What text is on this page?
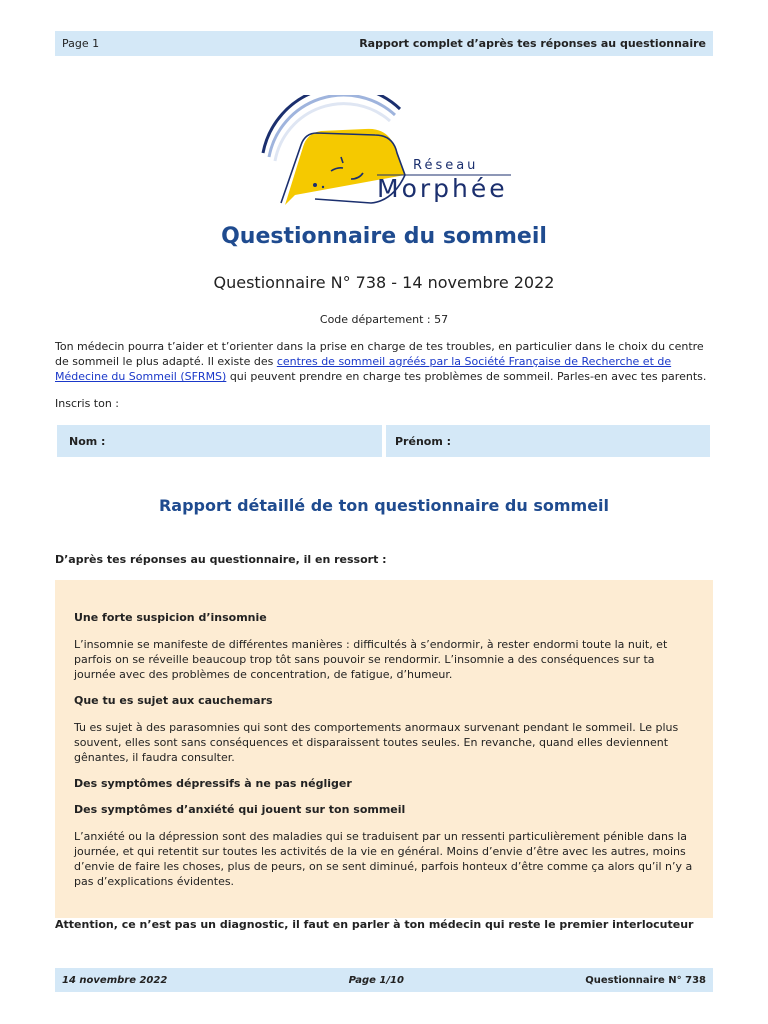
Page 1	Rapport complet d’après tes réponses au questionnaire
Réseau
Morphée
Questionnaire du sommeil
Questionnaire N° 738 - 14 novembre 2022
Code département : 57
Ton médecin pourra t’aider et t’orienter dans la prise en charge de tes troubles, en particulier dans le choix du centre de sommeil le plus adapté. Il existe des centres de sommeil agréés par la Société Française de Recherche et de Médecine du Sommeil (SFRMS) qui peuvent prendre en charge tes problèmes de sommeil. Parles-en avec tes parents.
Inscris ton :
Nom :	Prénom :
Rapport détaillé de ton questionnaire du sommeil
D’après tes réponses au questionnaire, il en ressort :
Une forte suspicion d’insomnie
L’insomnie se manifeste de différentes manières : difficultés à s’endormir, à rester endormi toute la nuit, et parfois on se réveille beaucoup trop tôt sans pouvoir se rendormir. L’insomnie a des conséquences sur ta journée avec des problèmes de concentration, de fatigue, d’humeur.
Que tu es sujet aux cauchemars
Tu es sujet à des parasomnies qui sont des comportements anormaux survenant pendant le sommeil. Le plus souvent, elles sont sans conséquences et disparaissent toutes seules. En revanche, quand elles deviennent gênantes, il faudra consulter.
Des symptômes dépressifs à ne pas négliger
Des symptômes d’anxiété qui jouent sur ton sommeil
L’anxiété ou la dépression sont des maladies qui se traduisent par un ressenti particulièrement pénible dans la journée, et qui retentit sur toutes les activités de la vie en général. Moins d’envie d’être avec les autres, moins d’envie de faire les choses, plus de peurs, on se sent diminué, parfois honteux d’être comme ça alors qu’il n’y a pas d’explications évidentes.
Attention, ce n’est pas un diagnostic, il faut en parler à ton médecin qui reste le premier interlocuteur
14 novembre 2022	Page 1/10	Questionnaire N° 738
